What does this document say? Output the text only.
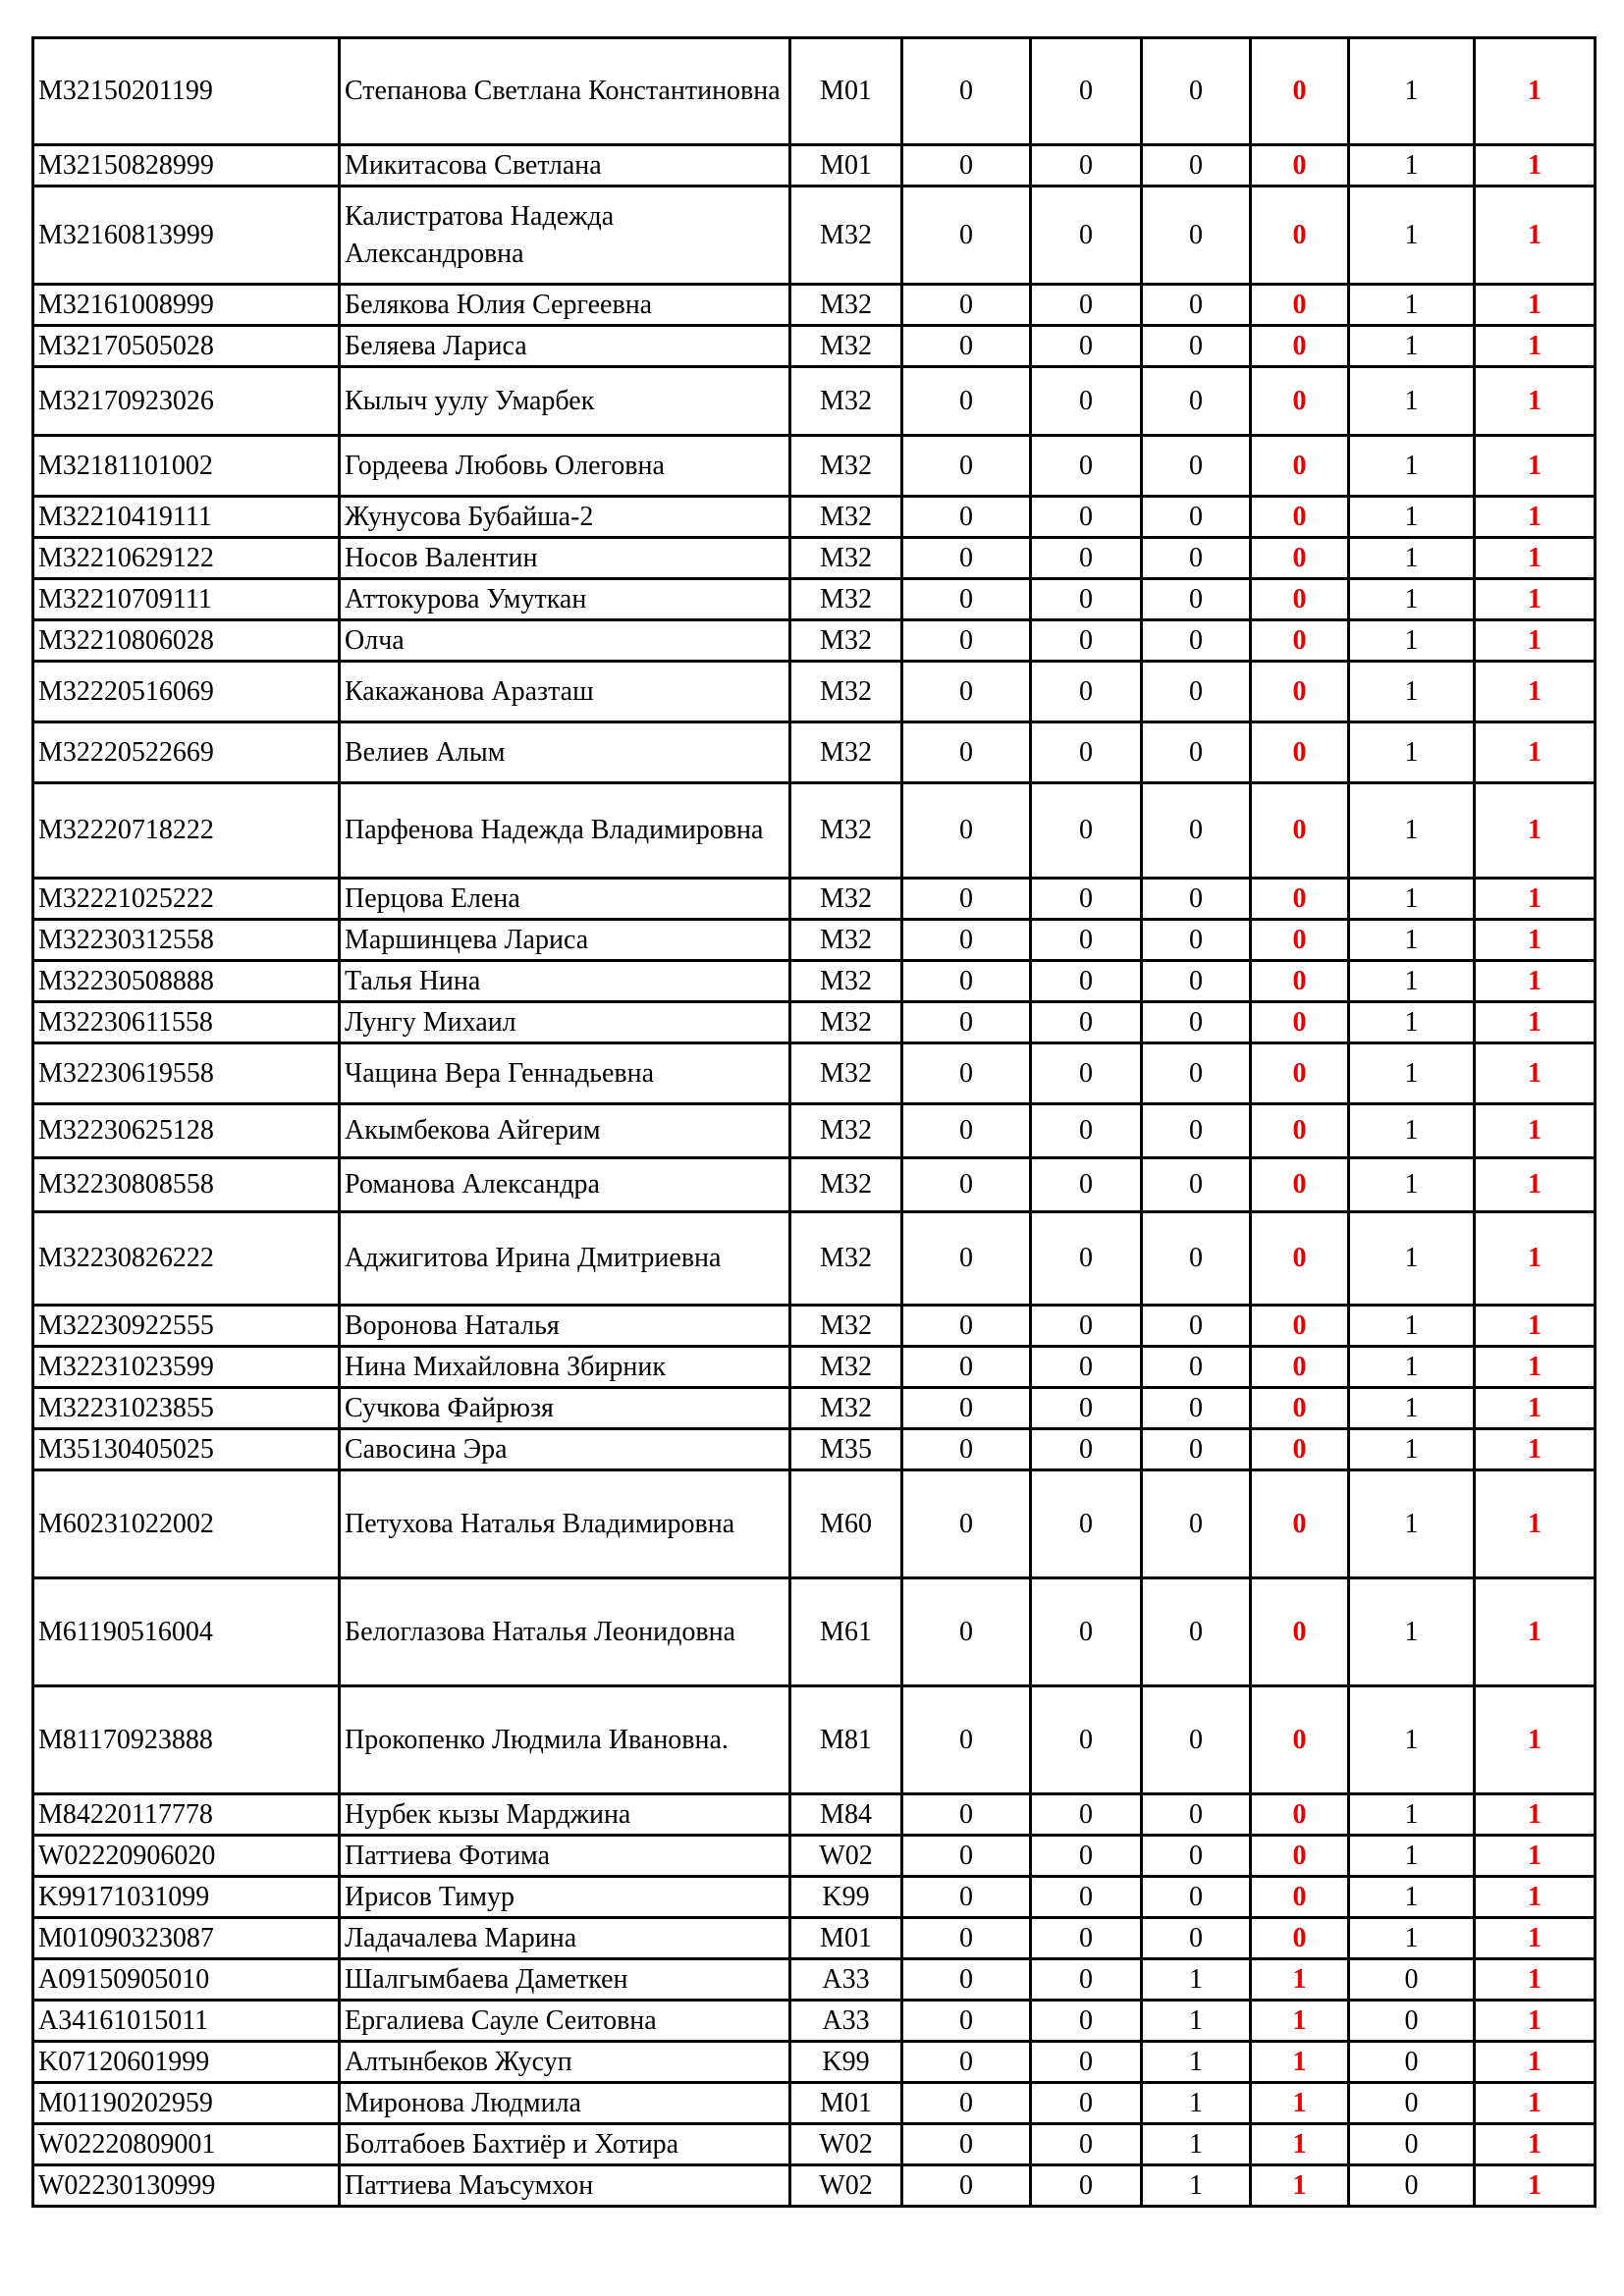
M32150201199	Степанова Светлана Константиновна	M01	0	0	0	0	1	1
M32150828999	Микитасова Светлана	M01	0	0	0	0	1	1
M32160813999	Калистратова Надежда Александровна	M32	0	0	0	0	1	1
M32161008999	Белякова Юлия Сергеевна	M32	0	0	0	0	1	1
M32170505028	Беляева Лариса	M32	0	0	0	0	1	1
M32170923026	Кылыч уулу Умарбек	M32	0	0	0	0	1	1
M32181101002	Гордеева Любовь Олеговна	M32	0	0	0	0	1	1
M32210419111	Жунусова Бубайша-2	M32	0	0	0	0	1	1
M32210629122	Носов Валентин	M32	0	0	0	0	1	1
M32210709111	Аттокурова Умуткан	M32	0	0	0	0	1	1
M32210806028	Олча	M32	0	0	0	0	1	1
M32220516069	Какажанова Аразташ	M32	0	0	0	0	1	1
M32220522669	Велиев Алым	M32	0	0	0	0	1	1
M32220718222	Парфенова Надежда Владимировна	M32	0	0	0	0	1	1
M32221025222	Перцова Елена	M32	0	0	0	0	1	1
M32230312558	Маршинцева Лариса	M32	0	0	0	0	1	1
M32230508888	Талья Нина	M32	0	0	0	0	1	1
M32230611558	Лунгу Михаил	M32	0	0	0	0	1	1
M32230619558	Чащина Вера Геннадьевна	M32	0	0	0	0	1	1
M32230625128	Акымбекова Айгерим	M32	0	0	0	0	1	1
M32230808558	Романова Александра	M32	0	0	0	0	1	1
M32230826222	Аджигитова Ирина Дмитриевна	M32	0	0	0	0	1	1
M32230922555	Воронова Наталья	M32	0	0	0	0	1	1
M32231023599	Нина Михайловна Збирник	M32	0	0	0	0	1	1
M32231023855	Сучкова Файрюзя	M32	0	0	0	0	1	1
M35130405025	Савосина Эра	M35	0	0	0	0	1	1
M60231022002	Петухова Наталья Владимировна	M60	0	0	0	0	1	1
M61190516004	Белоглазова Наталья Леонидовна	M61	0	0	0	0	1	1
M81170923888	Прокопенко Людмила Ивановна.	M81	0	0	0	0	1	1
M84220117778	Нурбек кызы Марджина	M84	0	0	0	0	1	1
W02220906020	Паттиева Фотима	W02	0	0	0	0	1	1
K99171031099	Ирисов Тимур	K99	0	0	0	0	1	1
M01090323087	Ладачалева Марина	M01	0	0	0	0	1	1
A09150905010	Шалгымбаева Даметкен	A33	0	0	1	1	0	1
A34161015011	Ергалиева Сауле Сеитовна	A33	0	0	1	1	0	1
K07120601999	Алтынбеков Жусуп	K99	0	0	1	1	0	1
M01190202959	Миронова Людмила	M01	0	0	1	1	0	1
W02220809001	Болтабоев Бахтиёр и Хотира	W02	0	0	1	1	0	1
W02230130999	Паттиева Маъсумхон	W02	0	0	1	1	0	1
